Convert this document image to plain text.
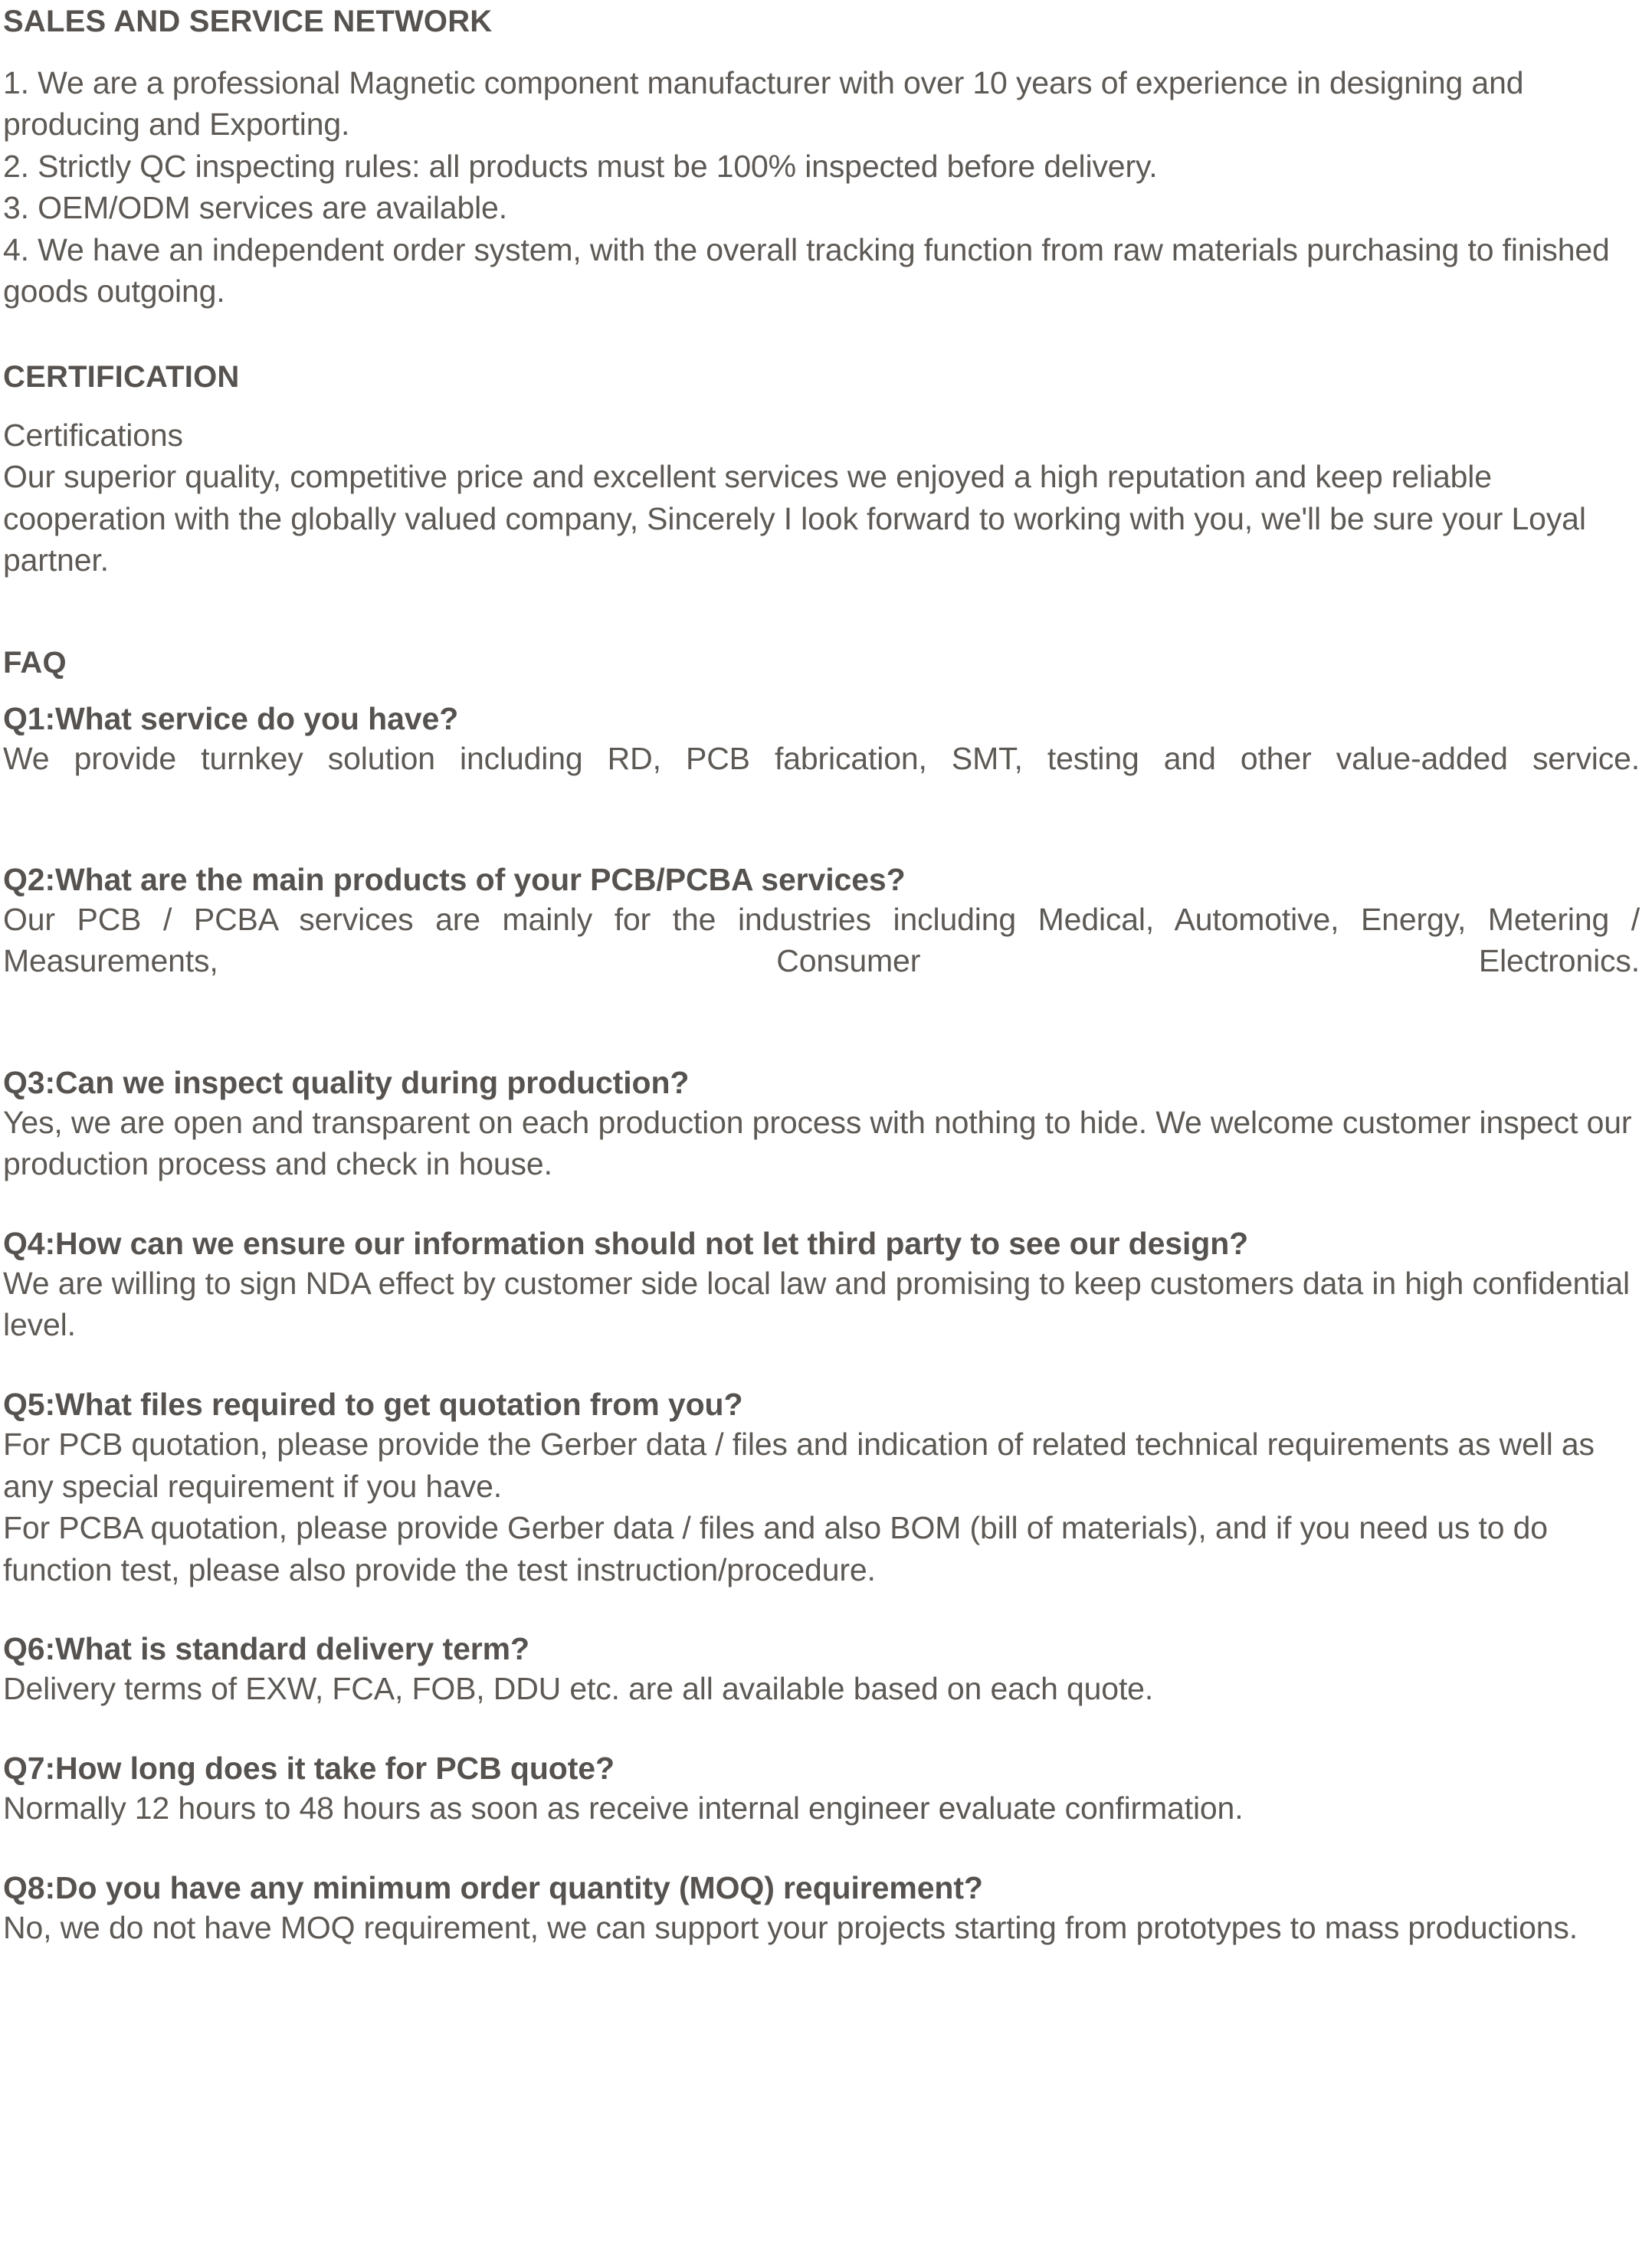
SALES AND SERVICE NETWORK

1. We are a professional Magnetic component manufacturer with over 10 years of experience in designing and producing and Exporting.

2. Strictly QC inspecting rules: all products must be 100% inspected before delivery.

3. OEM/ODM services are available.

4. We have an independent order system, with the overall tracking function from raw materials purchasing to finished goods outgoing.

CERTIFICATION

Certifications

Our superior quality, competitive price and excellent services we enjoyed a high reputation and keep reliable cooperation with the globally valued company, Sincerely I look forward to working with you, we'll be sure your Loyal partner.

FAQ
Q1:What service do you have?

We provide turnkey solution including RD, PCB fabrication, SMT, testing and other value-added service.

Q2:What are the main products of your PCB/PCBA services?

Our PCB / PCBA services are mainly for the industries including Medical, Automotive, Energy, Metering / Measurements, Consumer Electronics.

Q3:Can we inspect quality during production?

Yes, we are open and transparent on each production process with nothing to hide. We welcome customer inspect our production process and check in house.

Q4:How can we ensure our information should not let third party to see our design?

We are willing to sign NDA effect by customer side local law and promising to keep customers data in high confidential level.

Q5:What files required to get quotation from you?

For PCB quotation, please provide the Gerber data / files and indication of related technical requirements as well as any special requirement if you have.

For PCBA quotation, please provide Gerber data / files and also BOM (bill of materials), and if you need us to do function test, please also provide the test instruction/procedure.

Q6:What is standard delivery term?

Delivery terms of EXW, FCA, FOB, DDU etc. are all available based on each quote.

Q7:How long does it take for PCB quote?

Normally 12 hours to 48 hours as soon as receive internal engineer evaluate confirmation.

Q8:Do you have any minimum order quantity (MOQ) requirement?

No, we do not have MOQ requirement, we can support your projects starting from prototypes to mass productions.
